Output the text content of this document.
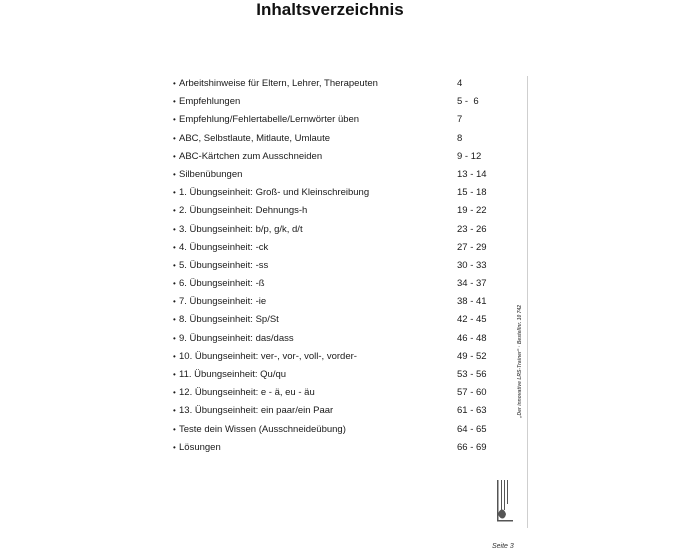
Inhaltsverzeichnis
• Arbeitshinweise für Eltern, Lehrer, Therapeuten	4
• Empfehlungen	5 -  6
• Empfehlung/Fehlertabelle/Lernwörter üben	7
• ABC, Selbstlaute, Mitlaute, Umlaute	8
• ABC-Kärtchen zum Ausschneiden	9 - 12
• Silbenübungen	13 - 14
• 1. Übungseinheit: Groß- und Kleinschreibung	15 - 18
• 2. Übungseinheit: Dehnungs-h	19 - 22
• 3. Übungseinheit: b/p, g/k, d/t	23 - 26
• 4. Übungseinheit: -ck	27 - 29
• 5. Übungseinheit: -ss	30 - 33
• 6. Übungseinheit: -ß	34 - 37
• 7. Übungseinheit: -ie	38 - 41
• 8. Übungseinheit: Sp/St	42 - 45
• 9. Übungseinheit: das/dass	46 - 48
• 10. Übungseinheit: ver-, vor-, voll-, vorder-	49 - 52
• 11. Übungseinheit: Qu/qu	53 - 56
• 12. Übungseinheit: e - ä, eu - äu	57 - 60
• 13. Übungseinheit: ein paar/ein Paar	61 - 63
• Teste dein Wissen (Ausschneideübung)	64 - 65
• Lösungen	66 - 69
„Der innovative LRS-Trainer“ · Bestellnr. 10 742
Seite 3
